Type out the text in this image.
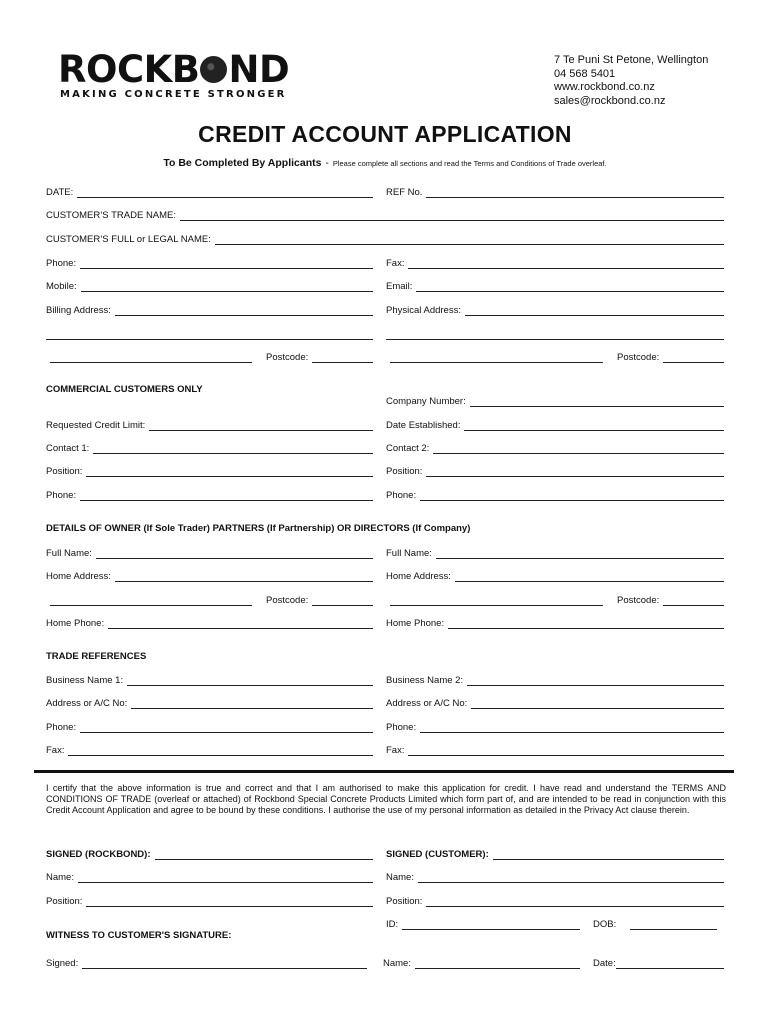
ROCKB ND
MAKING CONCRETE STRONGER
7 Te Puni St Petone, Wellington
04 568 5401
www.rockbond.co.nz
sales@rockbond.co.nz
CREDIT ACCOUNT APPLICATION
To Be Completed By Applicants - Please complete all sections and read the Terms and Conditions of Trade overleaf.
DATE:	REF No.
CUSTOMER’S TRADE NAME:
CUSTOMER’S FULL or LEGAL NAME:
Phone:	Fax:
Mobile:	Email:
Billing Address:	Physical Address:
Postcode:	Postcode:
COMMERCIAL CUSTOMERS ONLY
Company Number:
Requested Credit Limit:	Date Established:
Contact 1:	Contact 2:
Position:	Position:
Phone:	Phone:
DETAILS OF OWNER (If Sole Trader) PARTNERS (If Partnership) OR DIRECTORS (If Company)
Full Name:	Full Name:
Home Address:	Home Address:
Postcode:	Postcode:
Home Phone:	Home Phone:
TRADE REFERENCES
Business Name 1:	Business Name 2:
Address or A/C No:	Address or A/C No:
Phone:	Phone:
Fax:	Fax:
I certify that the above information is true and correct and that I am authorised to make this application for credit. I have read and understand the TERMS AND CONDITIONS OF TRADE (overleaf or attached) of Rockbond Special Concrete Products Limited which form part of, and are intended to be read in conjunction with this Credit Account Application and agree to be bound by these conditions. I authorise the use of my personal information as detailed in the Privacy Act clause therein.
SIGNED (ROCKBOND):	SIGNED (CUSTOMER):
Name:	Name:
Position:	Position:
ID:	DOB:
WITNESS TO CUSTOMER'S SIGNATURE:
Signed:	Name:	Date:
